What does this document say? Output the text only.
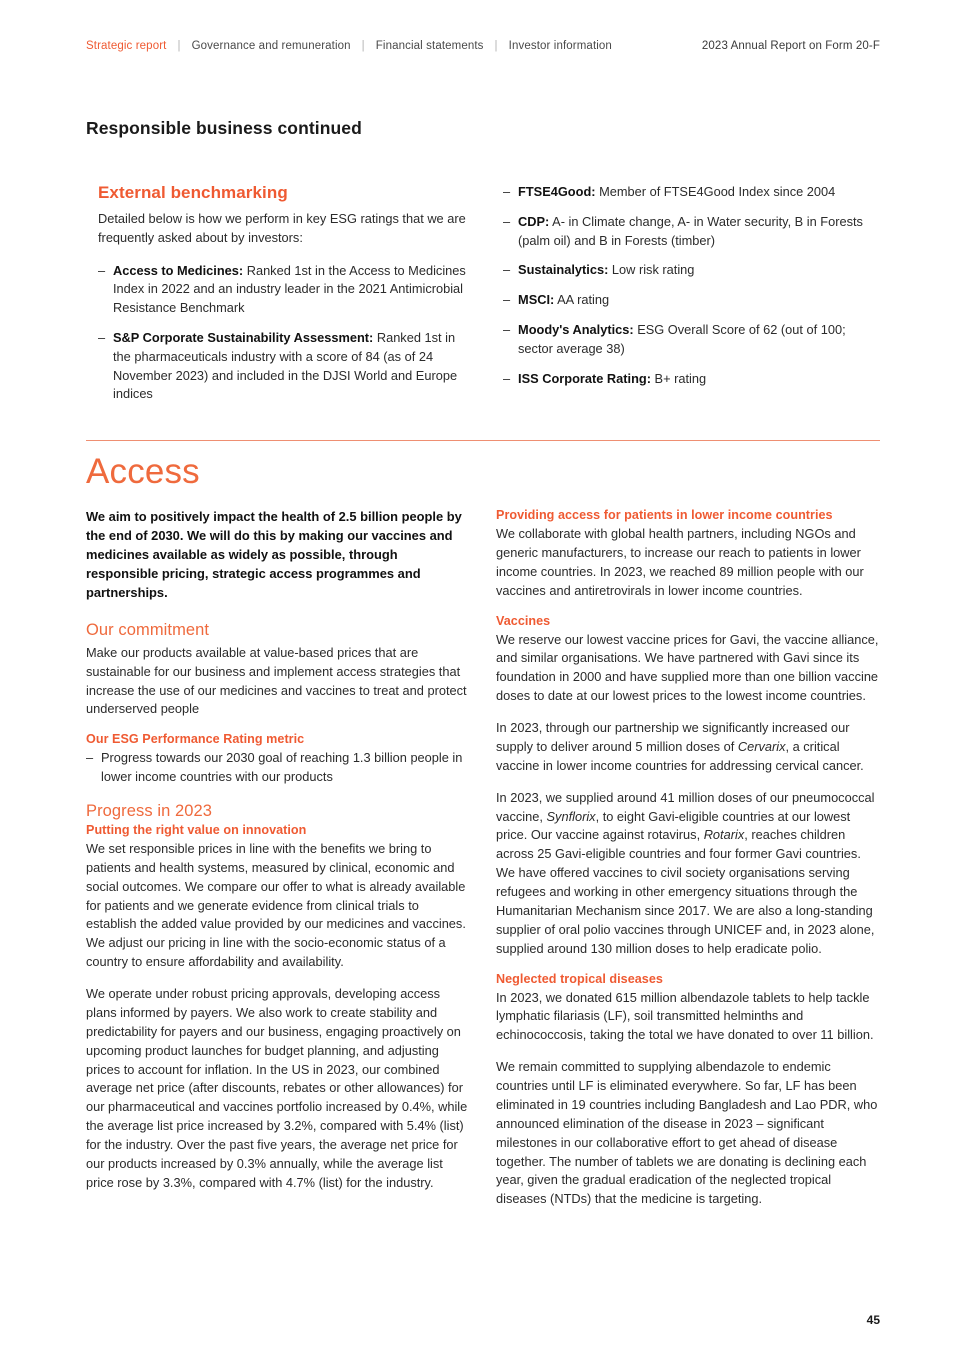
Strategic report | Governance and remuneration | Financial statements | Investor information	2023 Annual Report on Form 20-F
Responsible business continued
External benchmarking

Detailed below is how we perform in key ESG ratings that we are frequently asked about by investors:

– Access to Medicines: Ranked 1st in the Access to Medicines Index in 2022 and an industry leader in the 2021 Antimicrobial Resistance Benchmark
– S&P Corporate Sustainability Assessment: Ranked 1st in the pharmaceuticals industry with a score of 84 (as of 24 November 2023) and included in the DJSI World and Europe indices
– FTSE4Good: Member of FTSE4Good Index since 2004
– CDP: A- in Climate change, A- in Water security, B in Forests (palm oil) and B in Forests (timber)
– Sustainalytics: Low risk rating
– MSCI: AA rating
– Moody's Analytics: ESG Overall Score of 62 (out of 100; sector average 38)
– ISS Corporate Rating: B+ rating
Access

We aim to positively impact the health of 2.5 billion people by the end of 2030. We will do this by making our vaccines and medicines available as widely as possible, through responsible pricing, strategic access programmes and partnerships.

Our commitment

Make our products available at value-based prices that are sustainable for our business and implement access strategies that increase the use of our medicines and vaccines to treat and protect underserved people

Our ESG Performance Rating metric
– Progress towards our 2030 goal of reaching 1.3 billion people in lower income countries with our products
Progress in 2023
Putting the right value on innovation

We set responsible prices in line with the benefits we bring to patients and health systems, measured by clinical, economic and social outcomes. We compare our offer to what is already available for patients and we generate evidence from clinical trials to establish the added value provided by our medicines and vaccines. We adjust our pricing in line with the socio-economic status of a country to ensure affordability and availability.

We operate under robust pricing approvals, developing access plans informed by payers. We also work to create stability and predictability for payers and our business, engaging proactively on upcoming product launches for budget planning, and adjusting prices to account for inflation. In the US in 2023, our combined average net price (after discounts, rebates or other allowances) for our pharmaceutical and vaccines portfolio increased by 0.4%, while the average list price increased by 3.2%, compared with 5.4% (list) for the industry. Over the past five years, the average net price for our products increased by 0.3% annually, while the average list price rose by 3.3%, compared with 4.7% (list) for the industry.

Providing access for patients in lower income countries

We collaborate with global health partners, including NGOs and generic manufacturers, to increase our reach to patients in lower income countries. In 2023, we reached 89 million people with our vaccines and antiretrovirals in lower income countries.

Vaccines

We reserve our lowest vaccine prices for Gavi, the vaccine alliance, and similar organisations. We have partnered with Gavi since its foundation in 2000 and have supplied more than one billion vaccine doses to date at our lowest prices to the lowest income countries.

In 2023, through our partnership we significantly increased our supply to deliver around 5 million doses of Cervarix, a critical vaccine in lower income countries for addressing cervical cancer.

In 2023, we supplied around 41 million doses of our pneumococcal vaccine, Synflorix, to eight Gavi-eligible countries at our lowest price. Our vaccine against rotavirus, Rotarix, reaches children across 25 Gavi-eligible countries and four former Gavi countries. We have offered vaccines to civil society organisations serving refugees and working in other emergency situations through the Humanitarian Mechanism since 2017. We are also a long-standing supplier of oral polio vaccines through UNICEF and, in 2023 alone, supplied around 130 million doses to help eradicate polio.

Neglected tropical diseases

In 2023, we donated 615 million albendazole tablets to help tackle lymphatic filariasis (LF), soil transmitted helminths and echinococcosis, taking the total we have donated to over 11 billion.

We remain committed to supplying albendazole to endemic countries until LF is eliminated everywhere. So far, LF has been eliminated in 19 countries including Bangladesh and Lao PDR, who announced elimination of the disease in 2023 – significant milestones in our collaborative effort to get ahead of disease together. The number of tablets we are donating is declining each year, given the gradual eradication of the neglected tropical diseases (NTDs) that the medicine is targeting.

45
